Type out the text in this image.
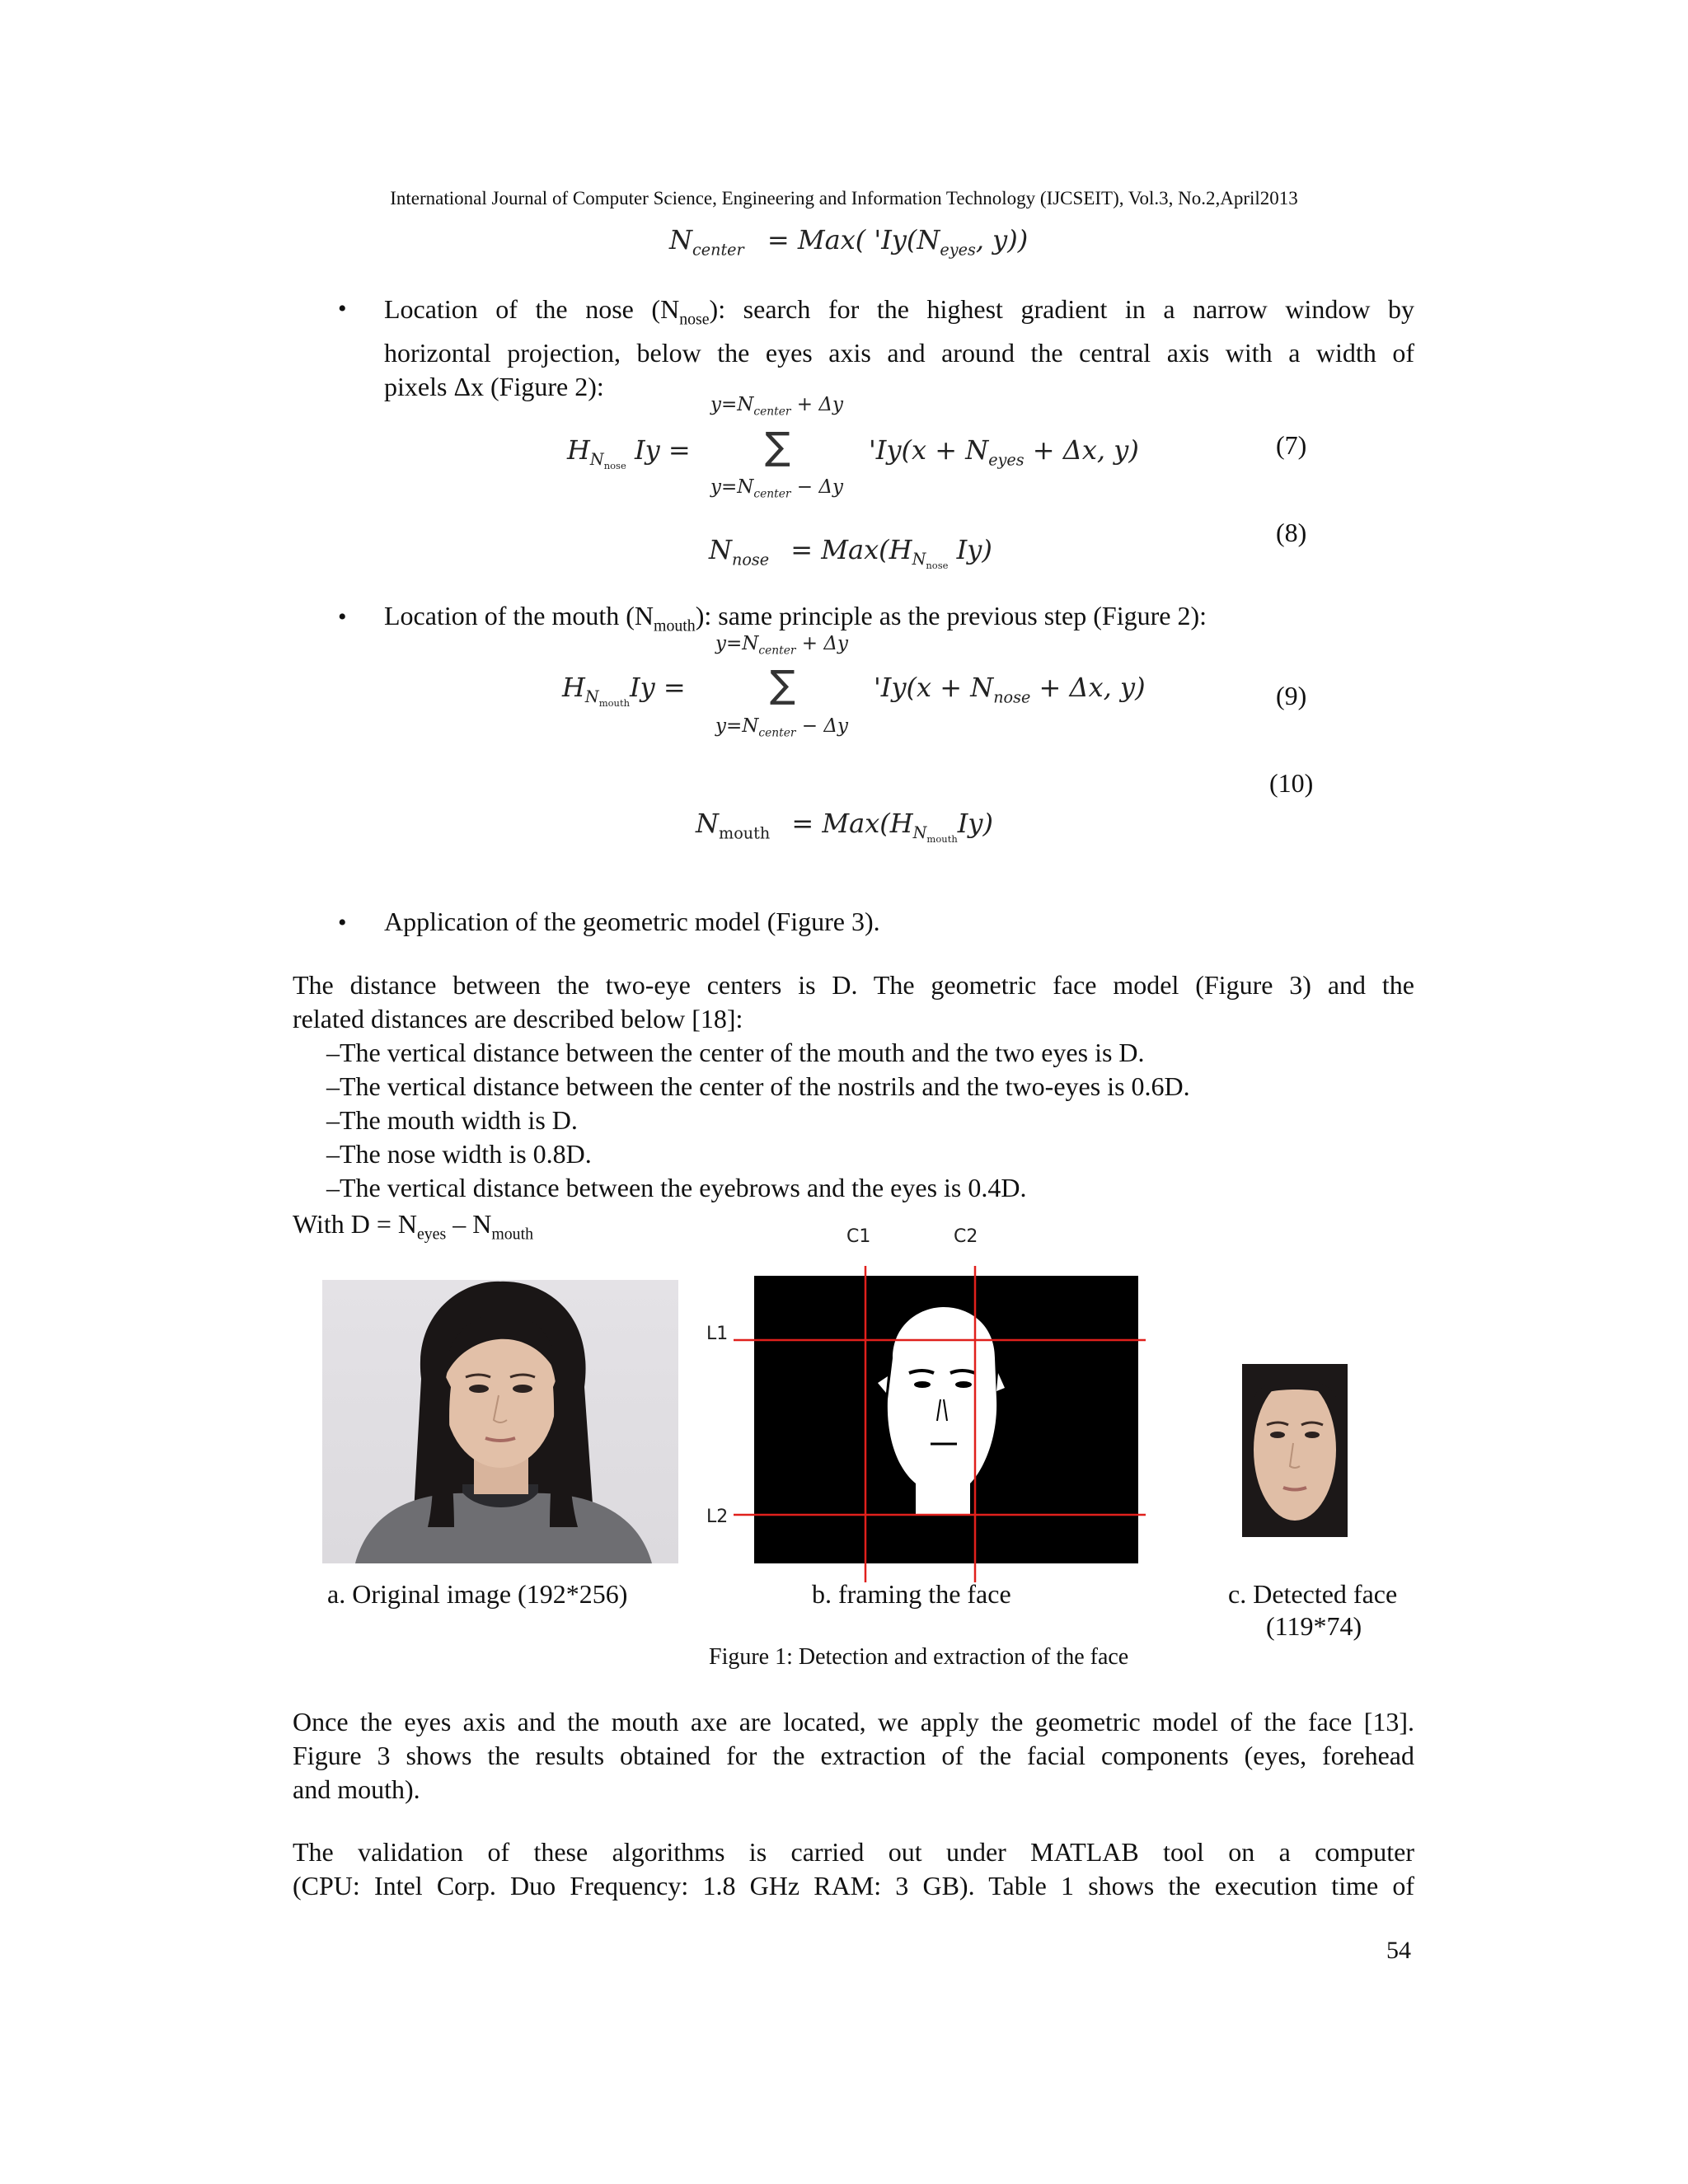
International Journal of Computer Science, Engineering and Information Technology (IJCSEIT), Vol.3, No.2,April2013
$N_{center} = Max$( '$Iy(N_{eyes}$, y))
• Location of the nose $(N_{nose})$: search for the highest gradient in a narrow window by
horizontal projection, below the eyes axis and around the central axis with a width of
pixels Δx (Figure 2):
$y=N_{center} + \Delta y$
$H_{N_{nose}}$ Iy = ∑	'$Iy(x + N_{eyes} + \Delta x$, y)
$y=N_{center} - \Delta y$
(7)
$N_{nose} = Max(H_{N_{nose}}$ Iy)
(8)
• Location of the mouth $(N_{mouth})$: same principle as the previous step (Figure 2):
$y=N_{center} + \Delta y$
$H_{N_{mouth}}Iy$ = ∑	'$Iy(x + N_{nose} + \Delta x$, y)
$y=N_{center} - \Delta y$
(9)
(10)
$N_{mouth} = Max(H_{N_{mouth}}Iy)$
• Application of the geometric model (Figure 3).
The distance between the two-eye centers is D. The geometric face model (Figure 3) and the
related distances are described below [18]:
–The vertical distance between the center of the mouth and the two eyes is D.
–The vertical distance between the center of the nostrils and the two-eyes is 0.6D.
–The mouth width is D.
–The nose width is 0.8D.
–The vertical distance between the eyebrows and the eyes is 0.4D.
With $D = N_{eyes} - N_{mouth}$	C1	C2
L1
L2
a. Original image (192*256)	b. framing the face	c. Detected face
(119*74)
Figure 1: Detection and extraction of the face
Once the eyes axis and the mouth axe are located, we apply the geometric model of the face [13].
Figure 3 shows the results obtained for the extraction of the facial components (eyes, forehead
and mouth).
The validation of these algorithms is carried out under MATLAB tool on a computer
(CPU: Intel Corp. Duo Frequency: 1.8 GHz RAM: 3 GB). Table 1 shows the execution time of
54
